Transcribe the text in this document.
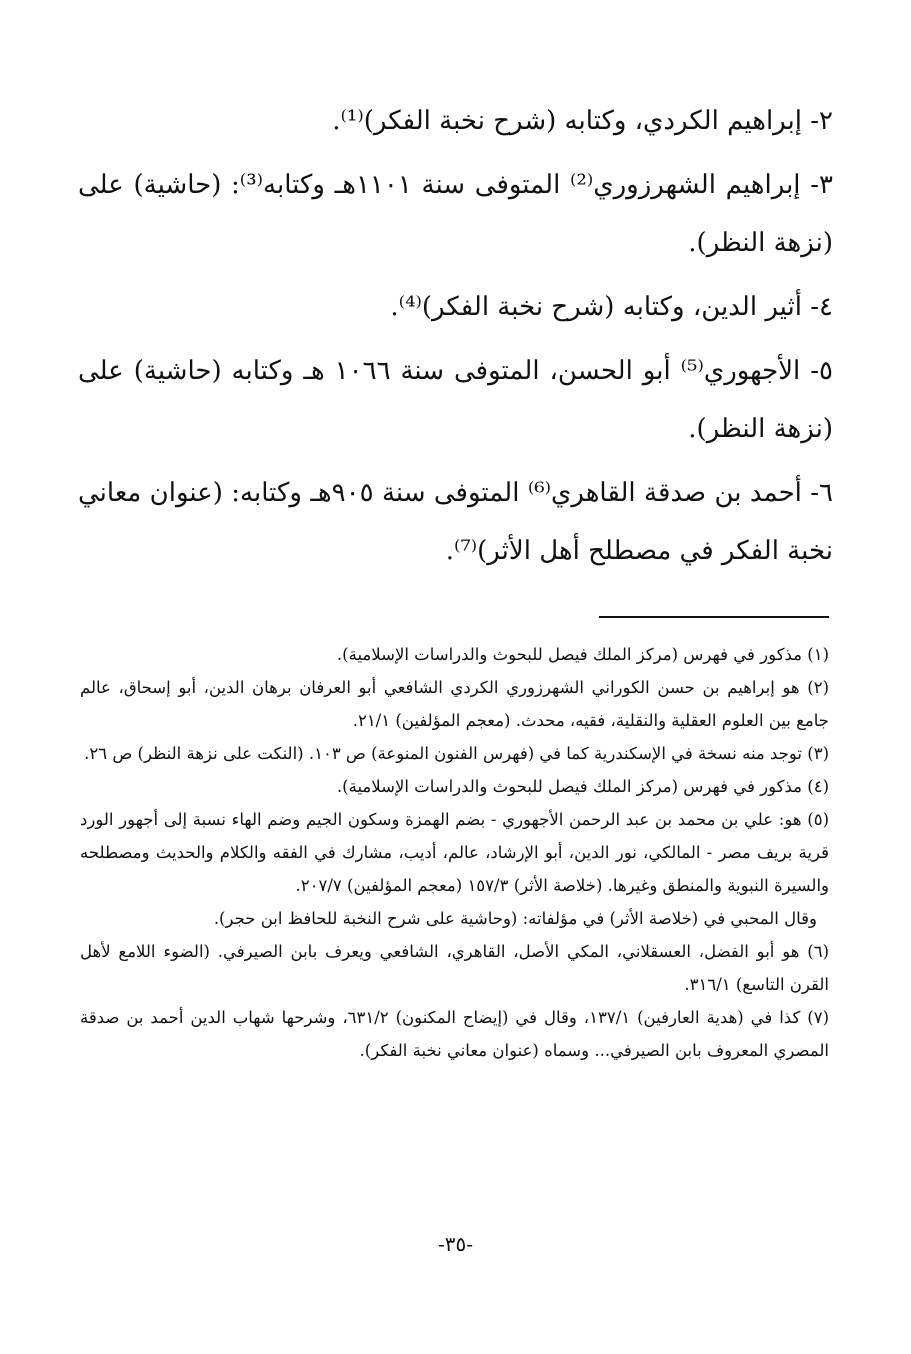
٢- إبراهيم الكردي، وكتابه (شرح نخبة الفكر)⁽¹⁾.

٣- إبراهيم الشهرزوري⁽²⁾ المتوفى سنة ١١٠١هـ وكتابه⁽³⁾: (حاشية) على (نزهة النظر).

٤- أثير الدين، وكتابه (شرح نخبة الفكر)⁽⁴⁾.

٥- الأجهوري⁽⁵⁾ أبو الحسن، المتوفى سنة ١٠٦٦ هـ وكتابه (حاشية) على (نزهة النظر).

٦- أحمد بن صدقة القاهري⁽⁶⁾ المتوفى سنة ٩٠٥هـ وكتابه: (عنوان معاني نخبة الفكر في مصطلح أهل الأثر)⁽⁷⁾.

(١) مذكور في فهرس (مركز الملك فيصل للبحوث والدراسات الإسلامية).

(٢) هو إبراهيم بن حسن الكوراني الشهرزوري الكردي الشافعي أبو العرفان برهان الدين، أبو إسحاق، عالم جامع بين العلوم العقلية والنقلية، فقيه، محدث. (معجم المؤلفين) ٢١/١.

(٣) توجد منه نسخة في الإسكندرية كما في (فهرس الفنون المنوعة) ص ١٠٣. (النكت على نزهة النظر) ص ٢٦.

(٤) مذكور في فهرس (مركز الملك فيصل للبحوث والدراسات الإسلامية).

(٥) هو: علي بن محمد بن عبد الرحمن الأجهوري - بضم الهمزة وسكون الجيم وضم الهاء نسبة إلى أجهور الورد قرية بريف مصر - المالكي، نور الدين، أبو الإرشاد، عالم، أديب، مشارك في الفقه والكلام والحديث ومصطلحه والسيرة النبوية والمنطق وغيرها. (خلاصة الأثر) ١٥٧/٣ (معجم المؤلفين) ٢٠٧/٧.

وقال المحبي في (خلاصة الأثر) في مؤلفاته: (وحاشية على شرح النخبة للحافظ ابن حجر).

(٦) هو أبو الفضل، العسقلاني، المكي الأصل، القاهري، الشافعي ويعرف بابن الصيرفي. (الضوء اللامع لأهل القرن التاسع) ٣١٦/١.

(٧) كذا في (هدية العارفين) ١٣٧/١، وقال في (إيضاح المكنون) ٦٣١/٢، وشرحها شهاب الدين أحمد بن صدقة المصري المعروف بابن الصيرفي... وسماه (عنوان معاني نخبة الفكر).

-٣٥-
